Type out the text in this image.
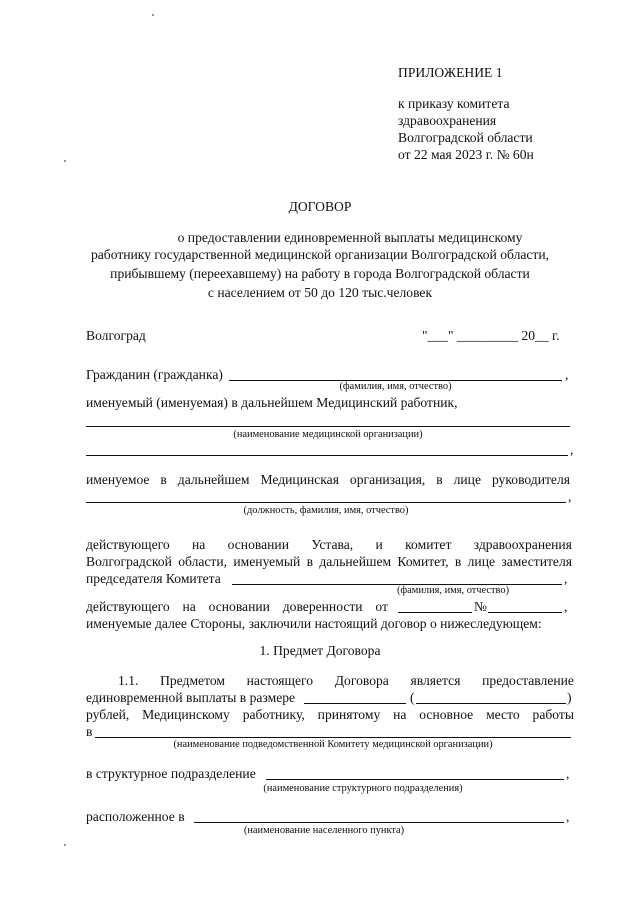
ПРИЛОЖЕНИЕ 1
к приказу комитета
здравоохранения
Волгоградской области
от 22 мая 2023 г. № 60н
ДОГОВОР
о предоставлении единовременной выплаты медицинскому
работнику государственной медицинской организации Волгоградской области,
прибывшему (переехавшему) на работу в города Волгоградской области
с населением от 50 до 120 тыс.человек
Волгоград	"___" _________ 20__ г.
Гражданин (гражданка)	,
(фамилия, имя, отчество)
именуемый (именуемая) в дальнейшем Медицинский работник,
(наименование медицинской организации)
,
именуемое в дальнейшем Медицинская организация, в лице руководителя
,
(должность, фамилия, имя, отчество)
действующего на основании Устава, и комитет здравоохранения
Волгоградской области, именуемый в дальнейшем Комитет, в лице заместителя
председателя Комитета	,
(фамилия, имя, отчество)
действующего на основании доверенности от	№	,
именуемые далее Стороны, заключили настоящий договор о нижеследующем:
1. Предмет Договора
1.1. Предметом настоящего Договора является предоставление
единовременной выплаты в размере	(	)
рублей, Медицинскому работнику, принятому на основное место работы
в
(наименование подведомственной Комитету медицинской организации)
в структурное подразделение	,
(наименование структурного подразделения)
расположенное в	,
(наименование населенного пункта)
